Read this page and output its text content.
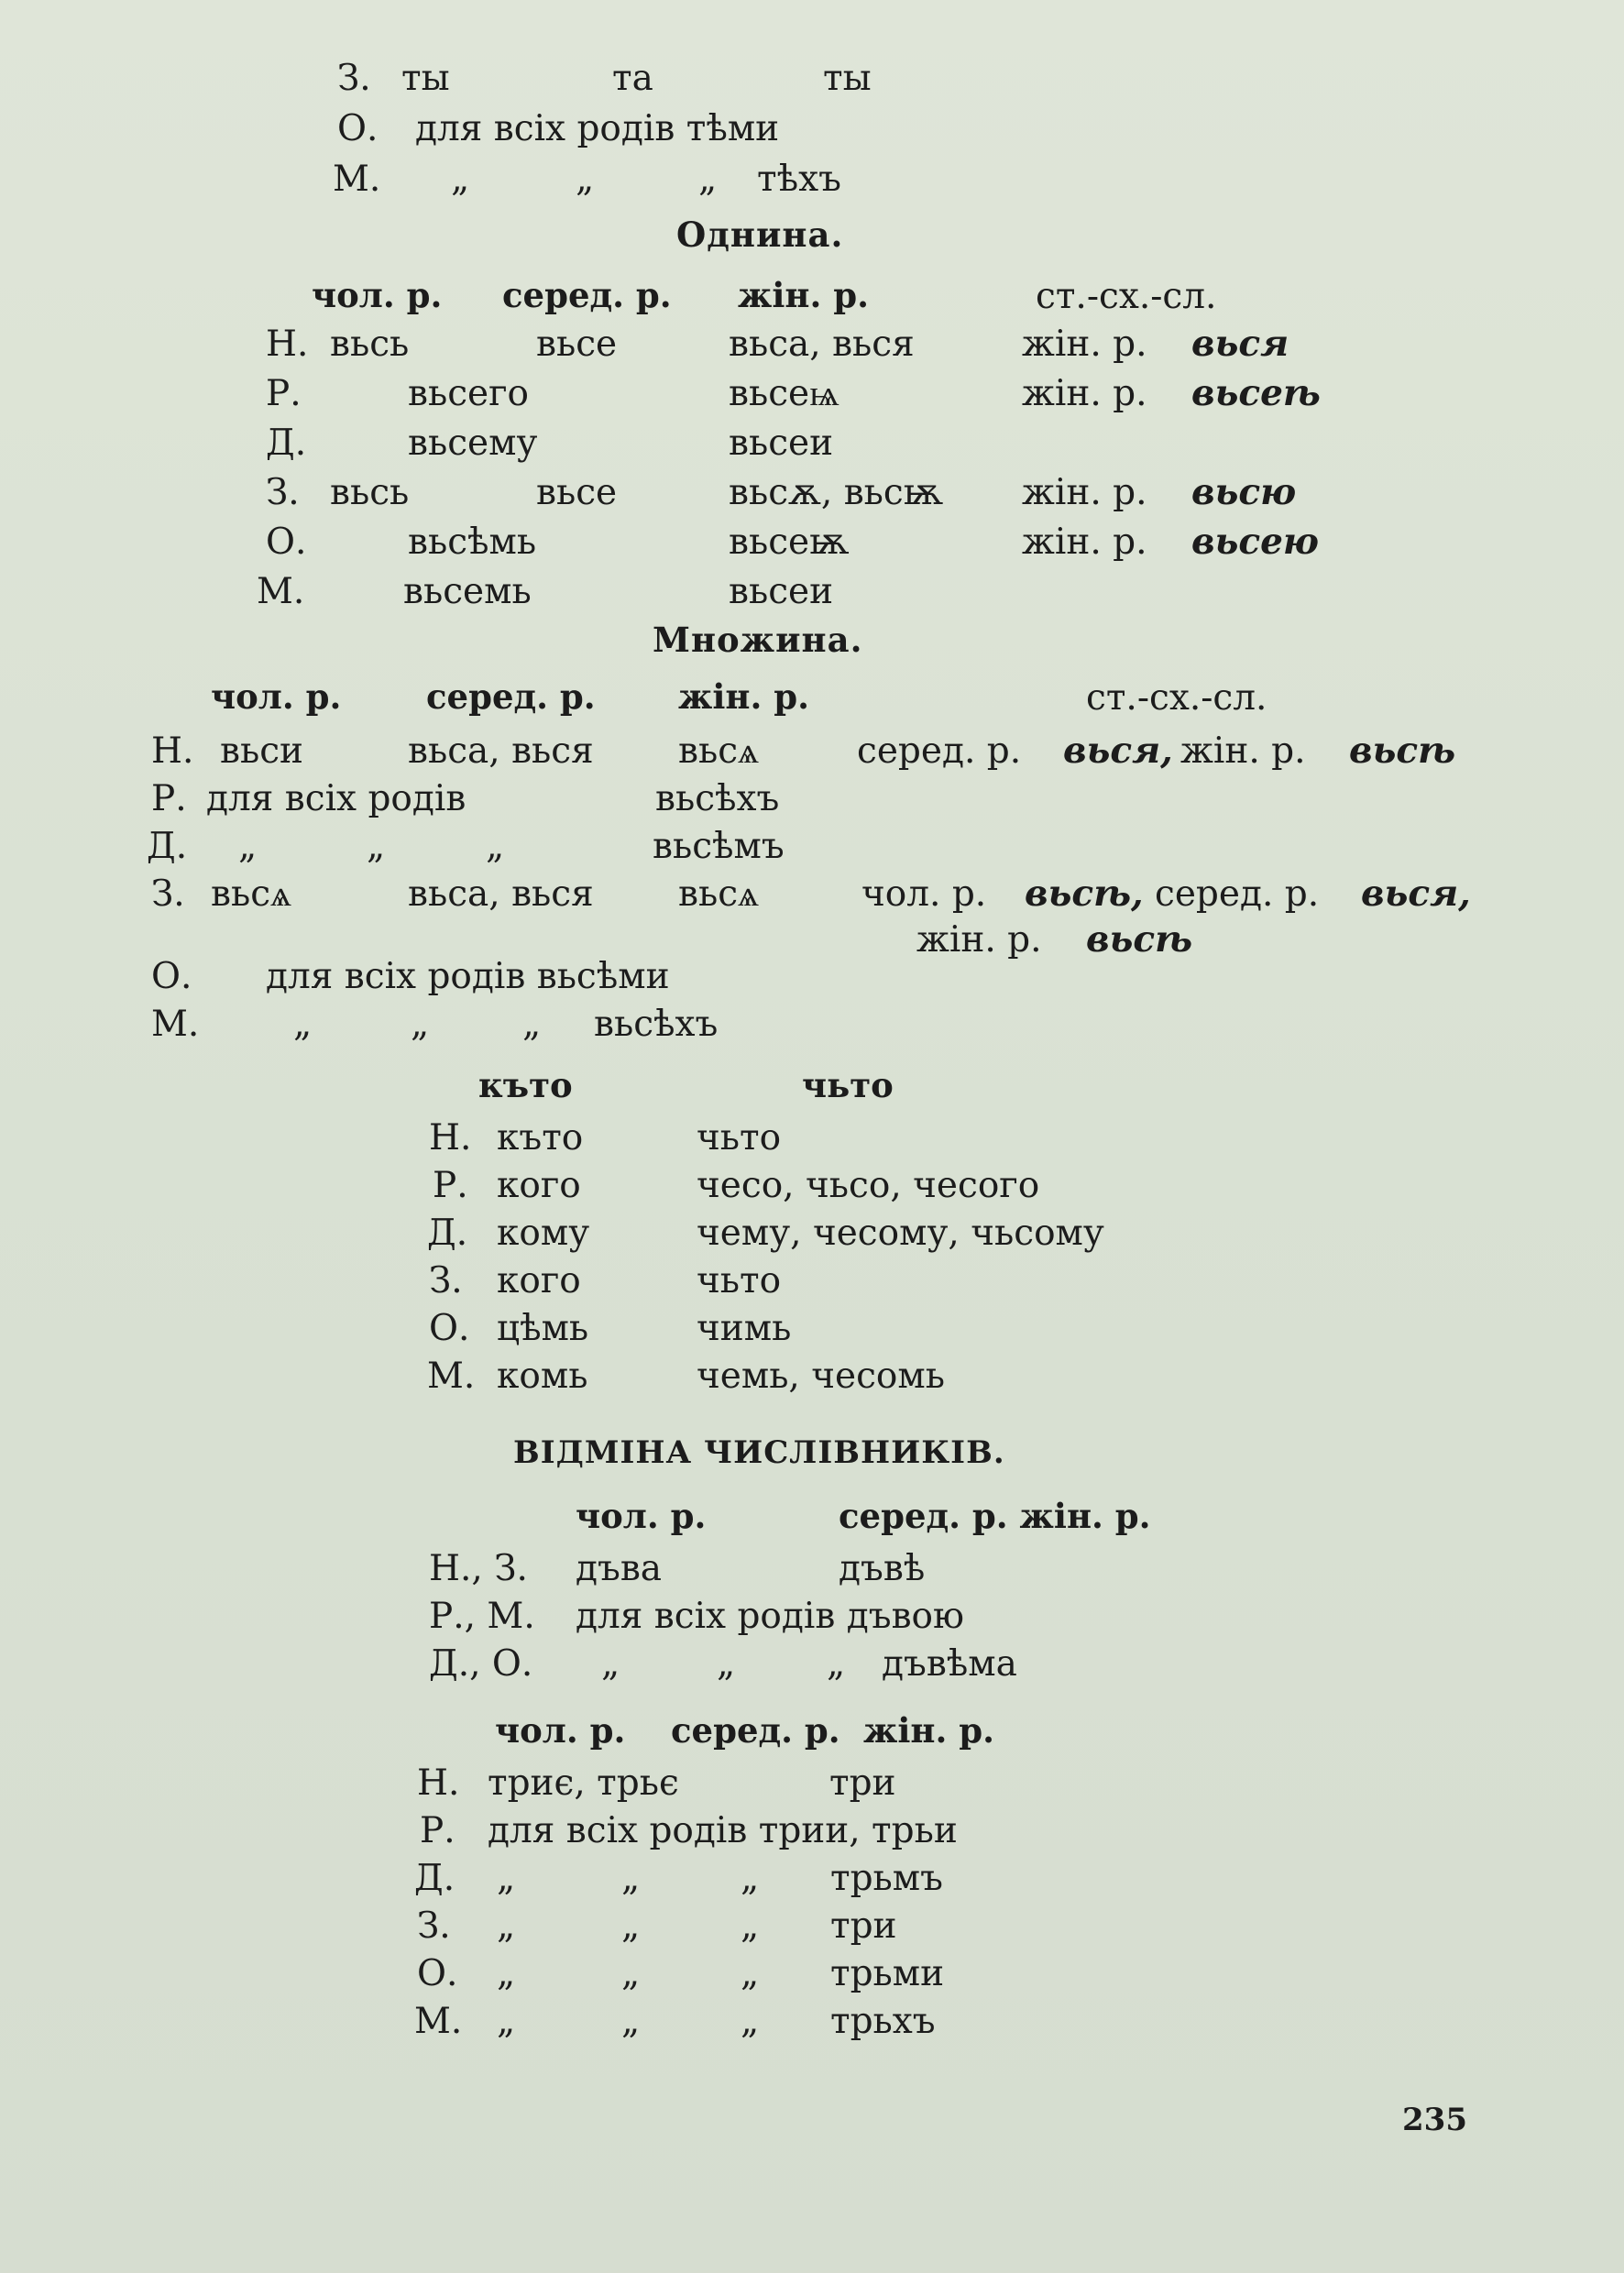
З. ты	та	ты
О. для всіх родів тѣми
М. „	„	„ тѣхъ
Однина.
чол. р. серед. р. жін. р.	ст.-сх.-сл.
Н. вьсь	вьсе	вьса, вься	жін. р. вься
Р.	вьсего	вьсеѩ	жін. р. вьсеѣ
Д.	вьсему	вьсеи
З. вьсь	вьсе	вьсѫ, вьсѭ жін. р. вьсю
О.	вьсѣмь	вьсеѭ	жін. р. вьсею
М.	вьсемь	вьсеи
Множина.
чол. р.	серед. р. жін. р.	ст.-сх.-сл.
Н. вьси	вьса, вься вьсѧ	серед. р. вься, жін. р. вьсѣ
Р. для всіх родів	вьсѣхъ
Д. „	„	„	вьсѣмъ
З. вьсѧ	вьса, вься вьсѧ	чол. р. вьсѣ, серед. р. вься,
жін. р. вьсѣ
О. для всіх родів вьсѣми
М.	„	„	„ вьсѣхъ
къто	чьто
Н. къто	чьто
Р. кого	чесо, чьсо, чесого
Д. кому	чему, чесому, чьсому
З. кого	чьто
О. цѣмь	чимь
М. комь	чемь, чесомь
ВІДМІНА ЧИСЛІВНИКІВ.
чол. р.	серед. р. жін. р.
Н., З. дъва	дъвѣ
Р., М. для всіх родів дъвою
Д., О. „	„	„ дъвѣма
чол. р. серед. р. жін. р.
Н. триє, трьє	три
Р. для всіх родів трии, трьи
Д. „	„	„ трьмъ
З. „	„	„ три
О. „	„	„ трьми
М. „	„	„ трьхъ
235
